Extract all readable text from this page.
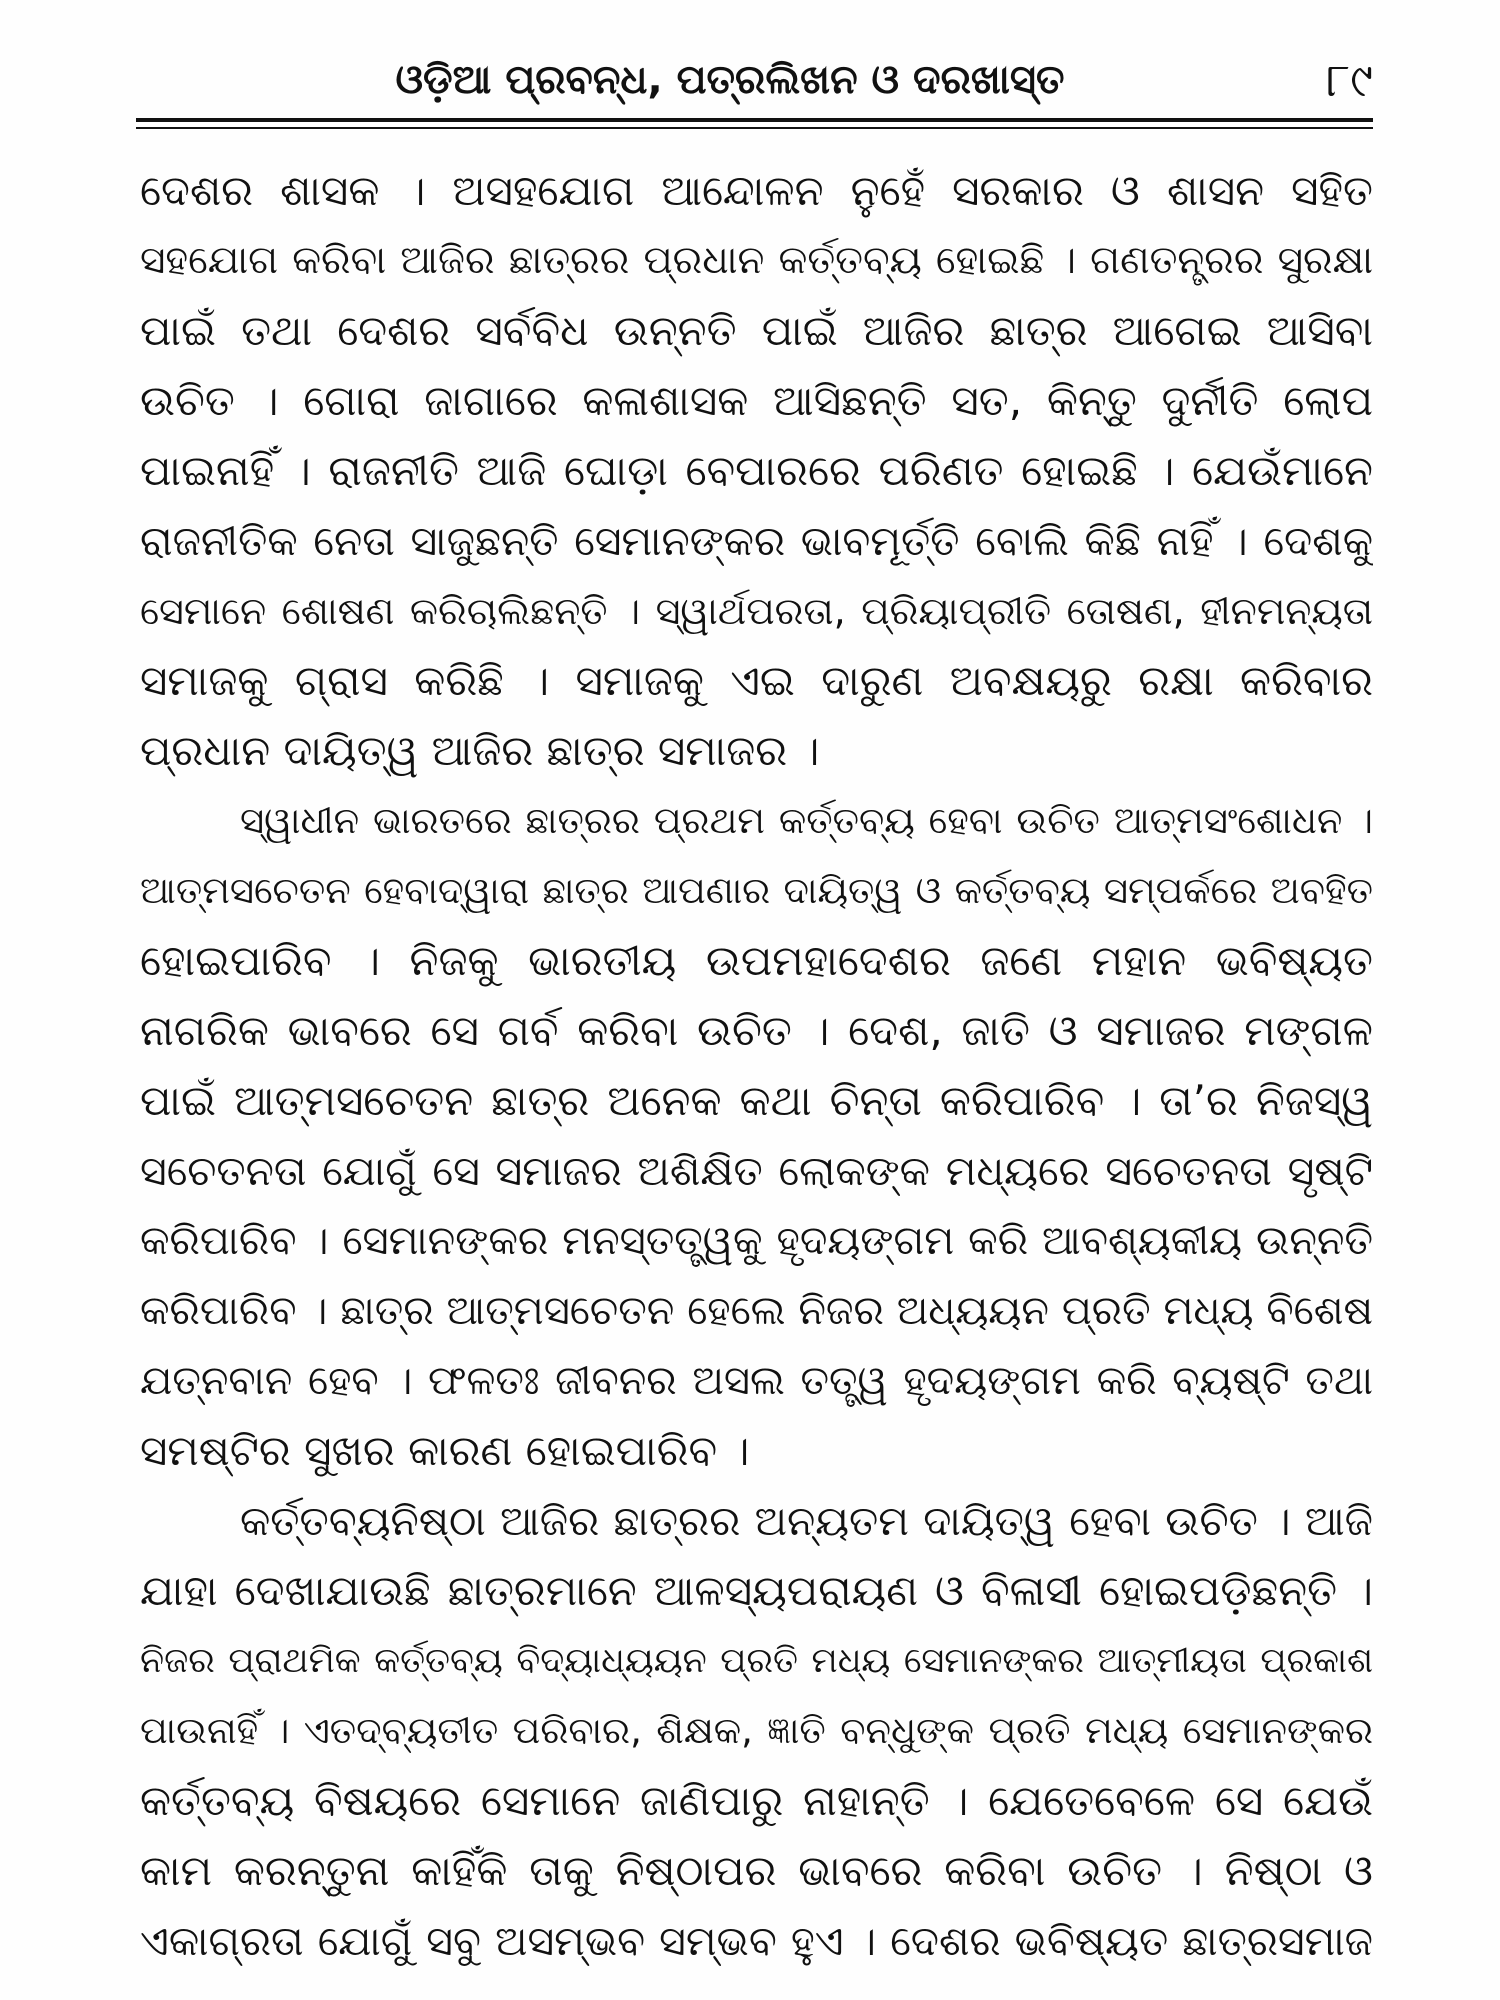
ଓଡ଼ିଆ ପ୍ରବନ୍ଧ, ପତ୍ରଲିଖନ ଓ ଦରଖାସ୍ତ	୮୯
ଦେଶର ଶାସକ । ଅସହଯୋଗ ଆନ୍ଦୋଳନ ନୁହେଁ ସରକାର ଓ ଶାସନ ସହିତ
ସହଯୋଗ କରିବା ଆଜିର ଛାତ୍ରର ପ୍ରଧାନ କର୍ତ୍ତବ୍ୟ ହୋଇଛି । ଗଣତନ୍ତ୍ରର ସୁରକ୍ଷା
ପାଇଁ ତଥା ଦେଶର ସର୍ବବିଧ ଉନ୍ନତି ପାଇଁ ଆଜିର ଛାତ୍ର ଆଗେଇ ଆସିବା
ଉଚିତ । ଗୋରା ଜାଗାରେ କଳାଶାସକ ଆସିଛନ୍ତି ସତ, କିନ୍ତୁ ଦୁର୍ନୀତି ଲୋପ
ପାଇନାହିଁ । ରାଜନୀତି ଆଜି ଘୋଡ଼ା ବେପାରରେ ପରିଣତ ହୋଇଛି । ଯେଉଁମାନେ
ରାଜନୀତିକ ନେତା ସାଜୁଛନ୍ତି ସେମାନଙ୍କର ଭାବମୂର୍ତ୍ତି ବୋଲି କିଛି ନାହିଁ । ଦେଶକୁ
ସେମାନେ ଶୋଷଣ କରିଚାଲିଛନ୍ତି । ସ୍ୱାର୍ଥପରତା, ପ୍ରିୟାପ୍ରୀତି ତୋଷଣ, ହୀନମନ୍ୟତା
ସମାଜକୁ ଗ୍ରାସ କରିଛି । ସମାଜକୁ ଏଇ ଦାରୁଣ ଅବକ୍ଷୟରୁ ରକ୍ଷା କରିବାର
ପ୍ରଧାନ ଦାୟିତ୍ୱ ଆଜିର ଛାତ୍ର ସମାଜର ।
ସ୍ୱାଧୀନ ଭାରତରେ ଛାତ୍ରର ପ୍ରଥମ କର୍ତ୍ତବ୍ୟ ହେବା ଉଚିତ ଆତ୍ମସଂଶୋଧନ ।
ଆତ୍ମସଚେତନ ହେବାଦ୍ୱାରା ଛାତ୍ର ଆପଣାର ଦାୟିତ୍ୱ ଓ କର୍ତ୍ତବ୍ୟ ସମ୍ପର୍କରେ ଅବହିତ
ହୋଇପାରିବ । ନିଜକୁ ଭାରତୀୟ ଉପମହାଦେଶର ଜଣେ ମହାନ ଭବିଷ୍ୟତ
ନାଗରିକ ଭାବରେ ସେ ଗର୍ବ କରିବା ଉଚିତ । ଦେଶ, ଜାତି ଓ ସମାଜର ମଙ୍ଗଳ
ପାଇଁ ଆତ୍ମସଚେତନ ଛାତ୍ର ଅନେକ କଥା ଚିନ୍ତା କରିପାରିବ । ତା’ର ନିଜସ୍ୱ
ସଚେତନତା ଯୋଗୁଁ ସେ ସମାଜର ଅଶିକ୍ଷିତ ଲୋକଙ୍କ ମଧ୍ୟରେ ସଚେତନତା ସୃଷ୍ଟି
କରିପାରିବ । ସେମାନଙ୍କର ମନସ୍ତତ୍ତ୍ୱକୁ ହୃଦୟଙ୍ଗମ କରି ଆବଶ୍ୟକୀୟ ଉନ୍ନତି
କରିପାରିବ । ଛାତ୍ର ଆତ୍ମସଚେତନ ହେଲେ ନିଜର ଅଧ୍ୟୟନ ପ୍ରତି ମଧ୍ୟ ବିଶେଷ
ଯତ୍ନବାନ ହେବ । ଫଳତଃ ଜୀବନର ଅସଲ ତତ୍ତ୍ୱ ହୃଦୟଙ୍ଗମ କରି ବ୍ୟଷ୍ଟି ତଥା
ସମଷ୍ଟିର ସୁଖର କାରଣ ହୋଇପାରିବ ।
କର୍ତ୍ତବ୍ୟନିଷ୍ଠା ଆଜିର ଛାତ୍ରର ଅନ୍ୟତମ ଦାୟିତ୍ୱ ହେବା ଉଚିତ । ଆଜି
ଯାହା ଦେଖାଯାଉଛି ଛାତ୍ରମାନେ ଆଳସ୍ୟପରାୟଣ ଓ ବିଳାସୀ ହୋଇପଡ଼ିଛନ୍ତି ।
ନିଜର ପ୍ରାଥମିକ କର୍ତ୍ତବ୍ୟ ବିଦ୍ୟାଧ୍ୟୟନ ପ୍ରତି ମଧ୍ୟ ସେମାନଙ୍କର ଆତ୍ମୀୟତା ପ୍ରକାଶ
ପାଉନାହିଁ । ଏତଦ୍‌ବ୍ୟତୀତ ପରିବାର, ଶିକ୍ଷକ, ଜ୍ଞାତି ବନ୍ଧୁଙ୍କ ପ୍ରତି ମଧ୍ୟ ସେମାନଙ୍କର
କର୍ତ୍ତବ୍ୟ ବିଷୟରେ ସେମାନେ ଜାଣିପାରୁ ନାହାନ୍ତି । ଯେତେବେଳେ ସେ ଯେଉଁ
କାମ କରନ୍ତୁନା କାହିଁକି ତାକୁ ନିଷ୍ଠାପର ଭାବରେ କରିବା ଉଚିତ । ନିଷ୍ଠା ଓ
ଏକାଗ୍ରତା ଯୋଗୁଁ ସବୁ ଅସମ୍ଭବ ସମ୍ଭବ ହୁଏ । ଦେଶର ଭବିଷ୍ୟତ ଛାତ୍ରସମାଜ
